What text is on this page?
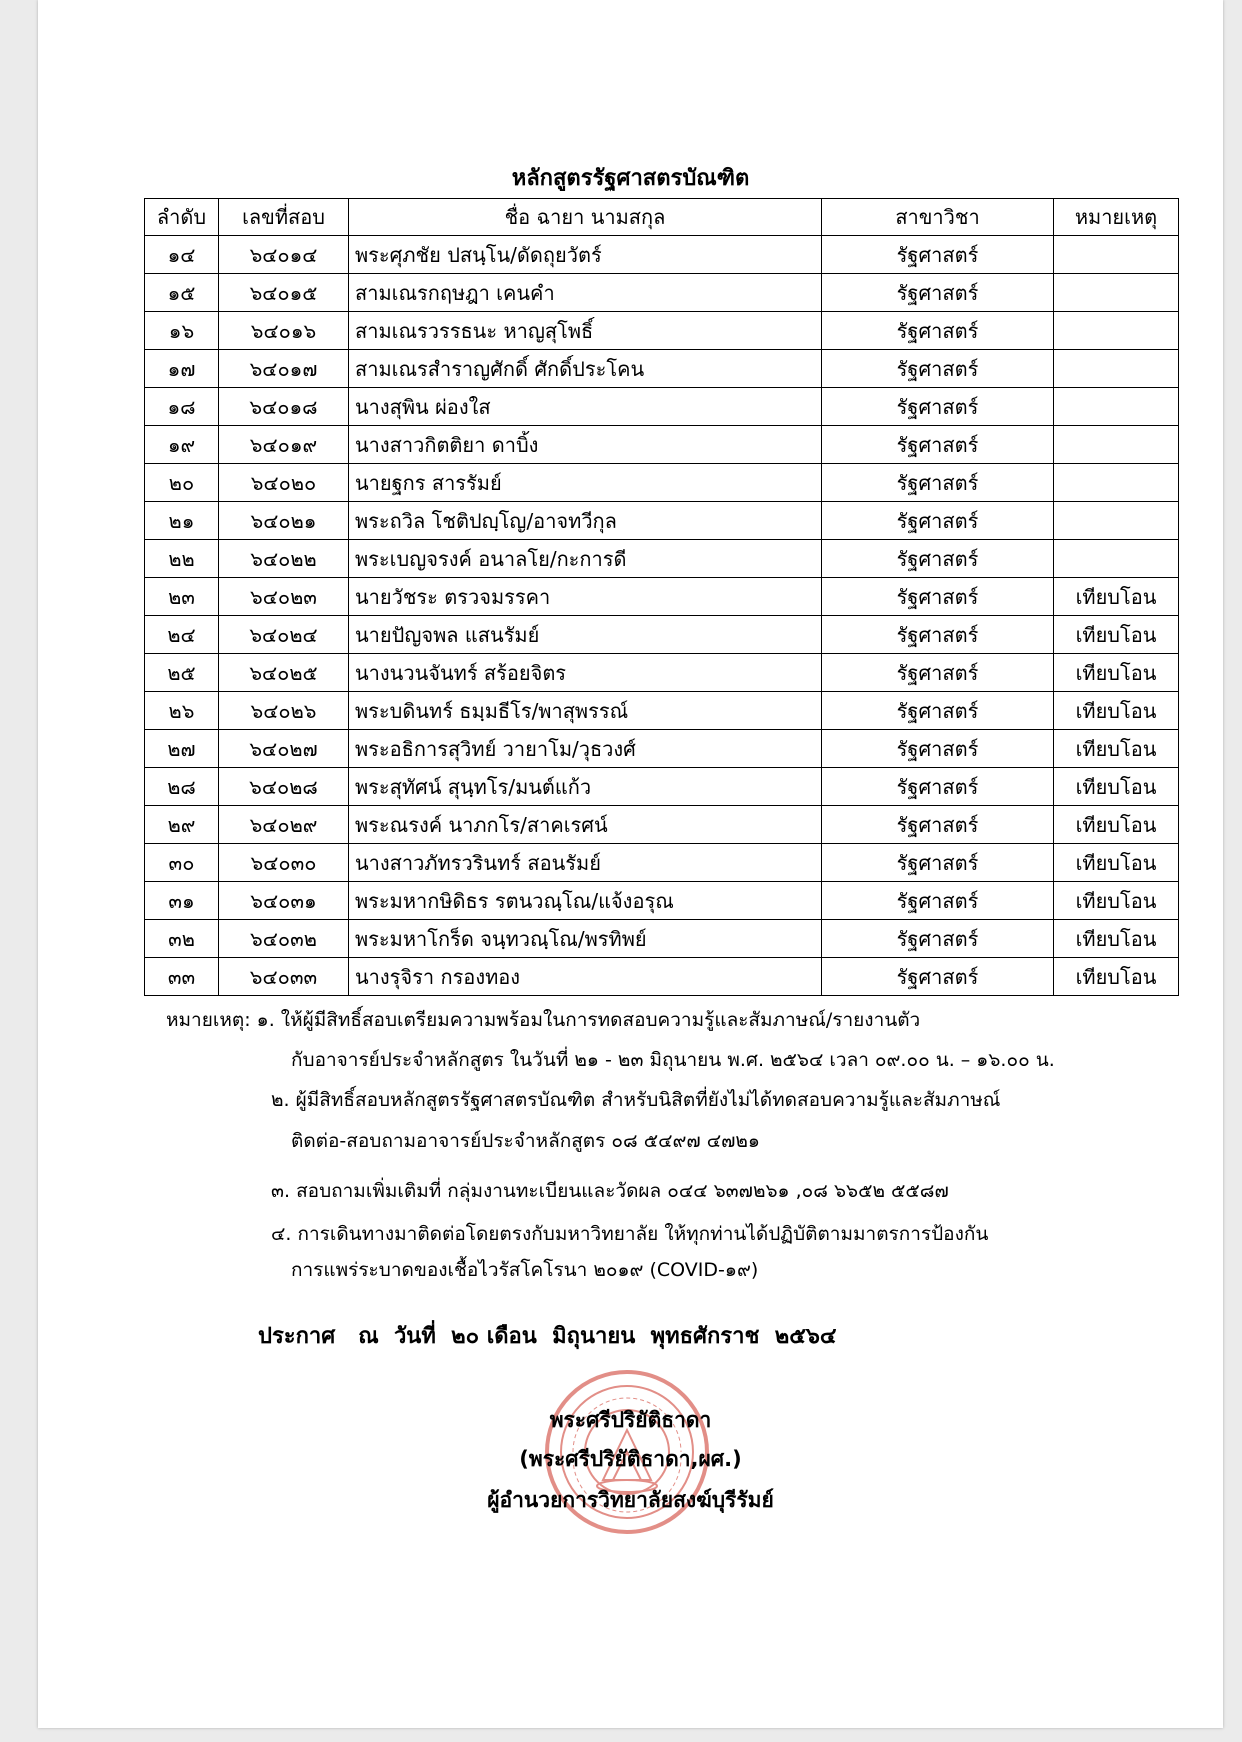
หลักสูตรรัฐศาสตรบัณฑิต
ลำดับ	เลขที่สอบ	ชื่อ ฉายา นามสกุล	สาขาวิชา	หมายเหตุ
๑๔	๖๔๐๑๔	พระศุภชัย ปสนฺโน/ดัดถุยวัตร์	รัฐศาสตร์	
๑๕	๖๔๐๑๕	สามเณรกฤษฎา เคนคำ	รัฐศาสตร์	
๑๖	๖๔๐๑๖	สามเณรวรรธนะ หาญสุโพธิ์	รัฐศาสตร์	
๑๗	๖๔๐๑๗	สามเณรสำราญศักดิ์ ศักดิ์ประโคน	รัฐศาสตร์	
๑๘	๖๔๐๑๘	นางสุพิน ผ่องใส	รัฐศาสตร์	
๑๙	๖๔๐๑๙	นางสาวกิตติยา ดาบิ้ง	รัฐศาสตร์	
๒๐	๖๔๐๒๐	นายฐกร สารรัมย์	รัฐศาสตร์	
๒๑	๖๔๐๒๑	พระถวิล โชติปญฺโญ/อาจทวีกุล	รัฐศาสตร์	
๒๒	๖๔๐๒๒	พระเบญจรงค์ อนาลโย/กะการดี	รัฐศาสตร์	
๒๓	๖๔๐๒๓	นายวัชระ ตรวจมรรคา	รัฐศาสตร์	เทียบโอน
๒๔	๖๔๐๒๔	นายปัญจพล แสนรัมย์	รัฐศาสตร์	เทียบโอน
๒๕	๖๔๐๒๕	นางนวนจันทร์ สร้อยจิตร	รัฐศาสตร์	เทียบโอน
๒๖	๖๔๐๒๖	พระบดินทร์ ธมฺมธีโร/พาสุพรรณ์	รัฐศาสตร์	เทียบโอน
๒๗	๖๔๐๒๗	พระอธิการสุวิทย์ วายาโม/วุธวงศ์	รัฐศาสตร์	เทียบโอน
๒๘	๖๔๐๒๘	พระสุทัศน์ สุนฺทโร/มนต์แก้ว	รัฐศาสตร์	เทียบโอน
๒๙	๖๔๐๒๙	พระณรงค์ นาภกโร/สาคเรศน์	รัฐศาสตร์	เทียบโอน
๓๐	๖๔๐๓๐	นางสาวภัทรวรินทร์ สอนรัมย์	รัฐศาสตร์	เทียบโอน
๓๑	๖๔๐๓๑	พระมหากษิดิธร รตนวณฺโณ/แจ้งอรุณ	รัฐศาสตร์	เทียบโอน
๓๒	๖๔๐๓๒	พระมหาโกร็ด จนฺทวณฺโณ/พรทิพย์	รัฐศาสตร์	เทียบโอน
๓๓	๖๔๐๓๓	นางรุจิรา กรองทอง	รัฐศาสตร์	เทียบโอน
หมายเหตุ: ๑. ให้ผู้มีสิทธิ์สอบเตรียมความพร้อมในการทดสอบความรู้และสัมภาษณ์/รายงานตัว
กับอาจารย์ประจำหลักสูตร ในวันที่ ๒๑ - ๒๓ มิถุนายน พ.ศ. ๒๕๖๔ เวลา ๐๙.๐๐ น. – ๑๖.๐๐ น.
๒. ผู้มีสิทธิ์สอบหลักสูตรรัฐศาสตรบัณฑิต สำหรับนิสิตที่ยังไม่ได้ทดสอบความรู้และสัมภาษณ์
ติดต่อ-สอบถามอาจารย์ประจำหลักสูตร ๐๘ ๕๔๙๗ ๔๗๒๑
๓. สอบถามเพิ่มเติมที่ กลุ่มงานทะเบียนและวัดผล ๐๔๔ ๖๓๗๒๖๑ ,๐๘ ๖๖๕๒ ๕๕๘๗
๔. การเดินทางมาติดต่อโดยตรงกับมหาวิทยาลัย ให้ทุกท่านได้ปฏิบัติตามมาตรการป้องกัน
การแพร่ระบาดของเชื้อไวรัสโคโรนา ๒๐๑๙ (COVID-๑๙)
ประกาศ   ณ  วันที่  ๒๐ เดือน  มิถุนายน  พุทธศักราช  ๒๕๖๔
พระศรีปริยัติธาดา
(พระศรีปริยัติธาดา,ผศ.)
ผู้อำนวยการวิทยาลัยสงฆ์บุรีรัมย์
